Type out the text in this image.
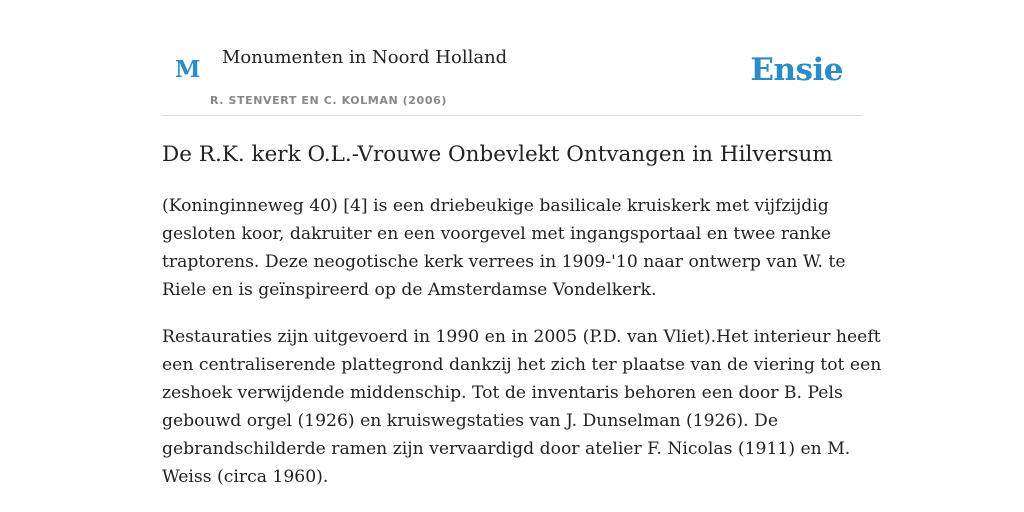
M Monumenten in Noord Holland
R. STENVERT EN C. KOLMAN (2006)
Ensie
De R.K. kerk O.L.-Vrouwe Onbevlekt Ontvangen in Hilversum

(Koninginneweg 40) [4] is een driebeukige basilicale kruiskerk met vijfzijdig
gesloten koor, dakruiter en een voorgevel met ingangsportaal en twee ranke
traptorens. Deze neogotische kerk verrees in 1909-'10 naar ontwerp van W. te
Riele en is geïnspireerd op de Amsterdamse Vondelkerk.

Restauraties zijn uitgevoerd in 1990 en in 2005 (P.D. van Vliet).Het interieur heeft
een centraliserende plattegrond dankzij het zich ter plaatse van de viering tot een
zeshoek verwijdende middenschip. Tot de inventaris behoren een door B. Pels
gebouwd orgel (1926) en kruiswegstaties van J. Dunselman (1926). De
gebrandschilderde ramen zijn vervaardigd door atelier F. Nicolas (1911) en M.
Weiss (circa 1960).
